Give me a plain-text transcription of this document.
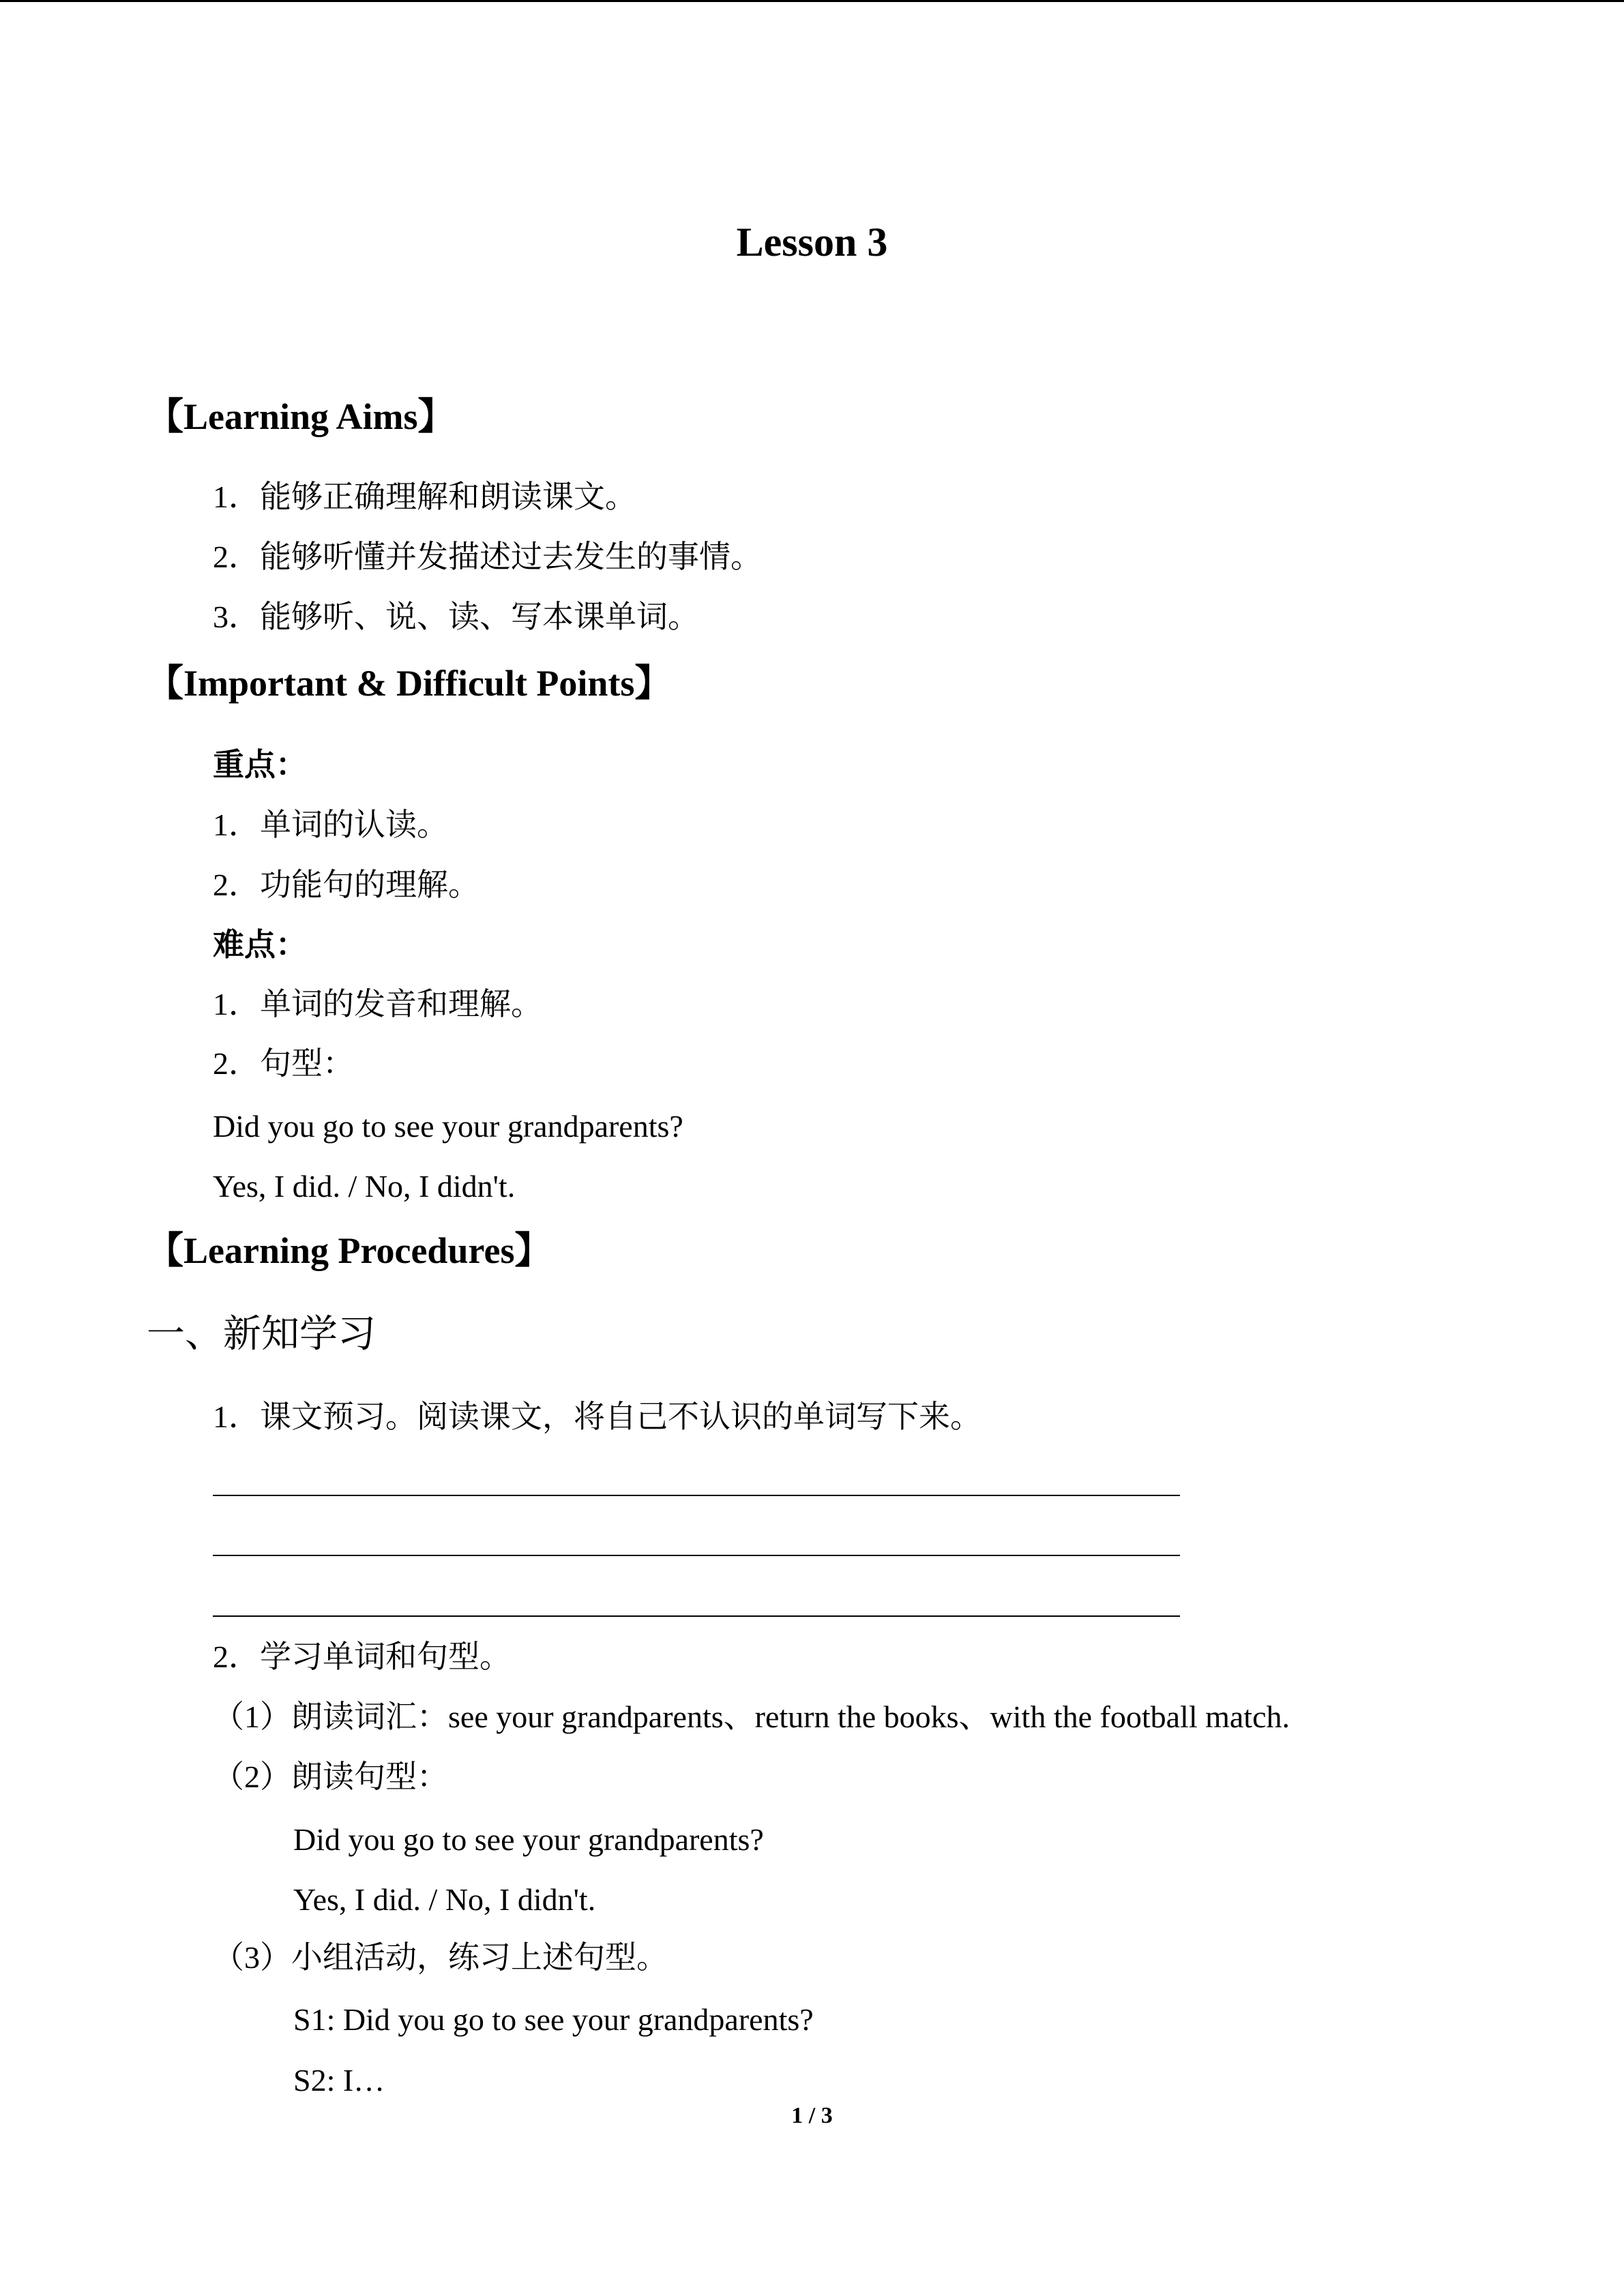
Lesson 3
【Learning Aims】
1．能够正确理解和朗读课文。
2．能够听懂并发描述过去发生的事情。
3．能够听、说、读、写本课单词。
【Important & Difficult Points】
重点：
1．单词的认读。
2．功能句的理解。
难点：
1．单词的发音和理解。
2．句型：
Did you go to see your grandparents?
Yes, I did. / No, I didn't.
【Learning Procedures】
一、新知学习
1．课文预习。阅读课文，将自己不认识的单词写下来。
2．学习单词和句型。
（1）朗读词汇：see your grandparents、return the books、with the football match.
（2）朗读句型：
Did you go to see your grandparents?
Yes, I did. / No, I didn't.
（3）小组活动，练习上述句型。
S1: Did you go to see your grandparents?
S2: I…
1 / 3
